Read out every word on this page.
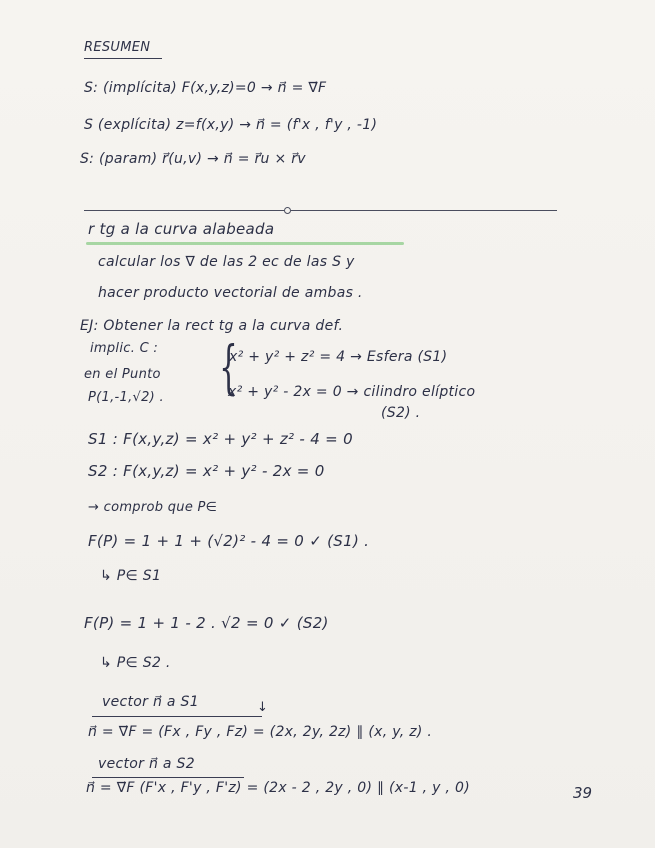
RESUMEN
S: (implícita) F(x,y,z)=0 → n⃗ = ∇⃗F
S (explícita) z=f(x,y) → n⃗ = (f'x , f'y , -1)
S: (param) r⃗(u,v) → n⃗ = r⃗u × r⃗v
r tg a la curva alabeada
calcular los ∇ de las 2 ec de las S y
hacer producto vectorial de ambas .
EJ: Obtener la rect tg a la curva def.
implic. C :
en el Punto
P(1,-1,√2) . {
x² + y² + z² = 4 → Esfera (S1)
x² + y² - 2x = 0 → cilindro elíptico
(S2) .
S1 : F(x,y,z) = x² + y² + z² - 4 = 0
S2 : F(x,y,z) = x² + y² - 2x = 0
→ comprob que P∈
F(P) = 1 + 1 + (√2)² - 4 = 0 ✓ (S1) .
↳ P∈ S1
F(P) = 1 + 1 - 2 . √2 = 0 ✓ (S2)
↳ P∈ S2 .
vector n⃗ a S1	↓
n⃗ = ∇⃗F = (Fx , Fy , Fz) = (2x, 2y, 2z) ∥ (x, y, z) .
vector n⃗ a S2
n⃗ = ∇⃗F (F'x , F'y , F'z) = (2x - 2 , 2y , 0) ∥ (x-1 , y , 0)	39
